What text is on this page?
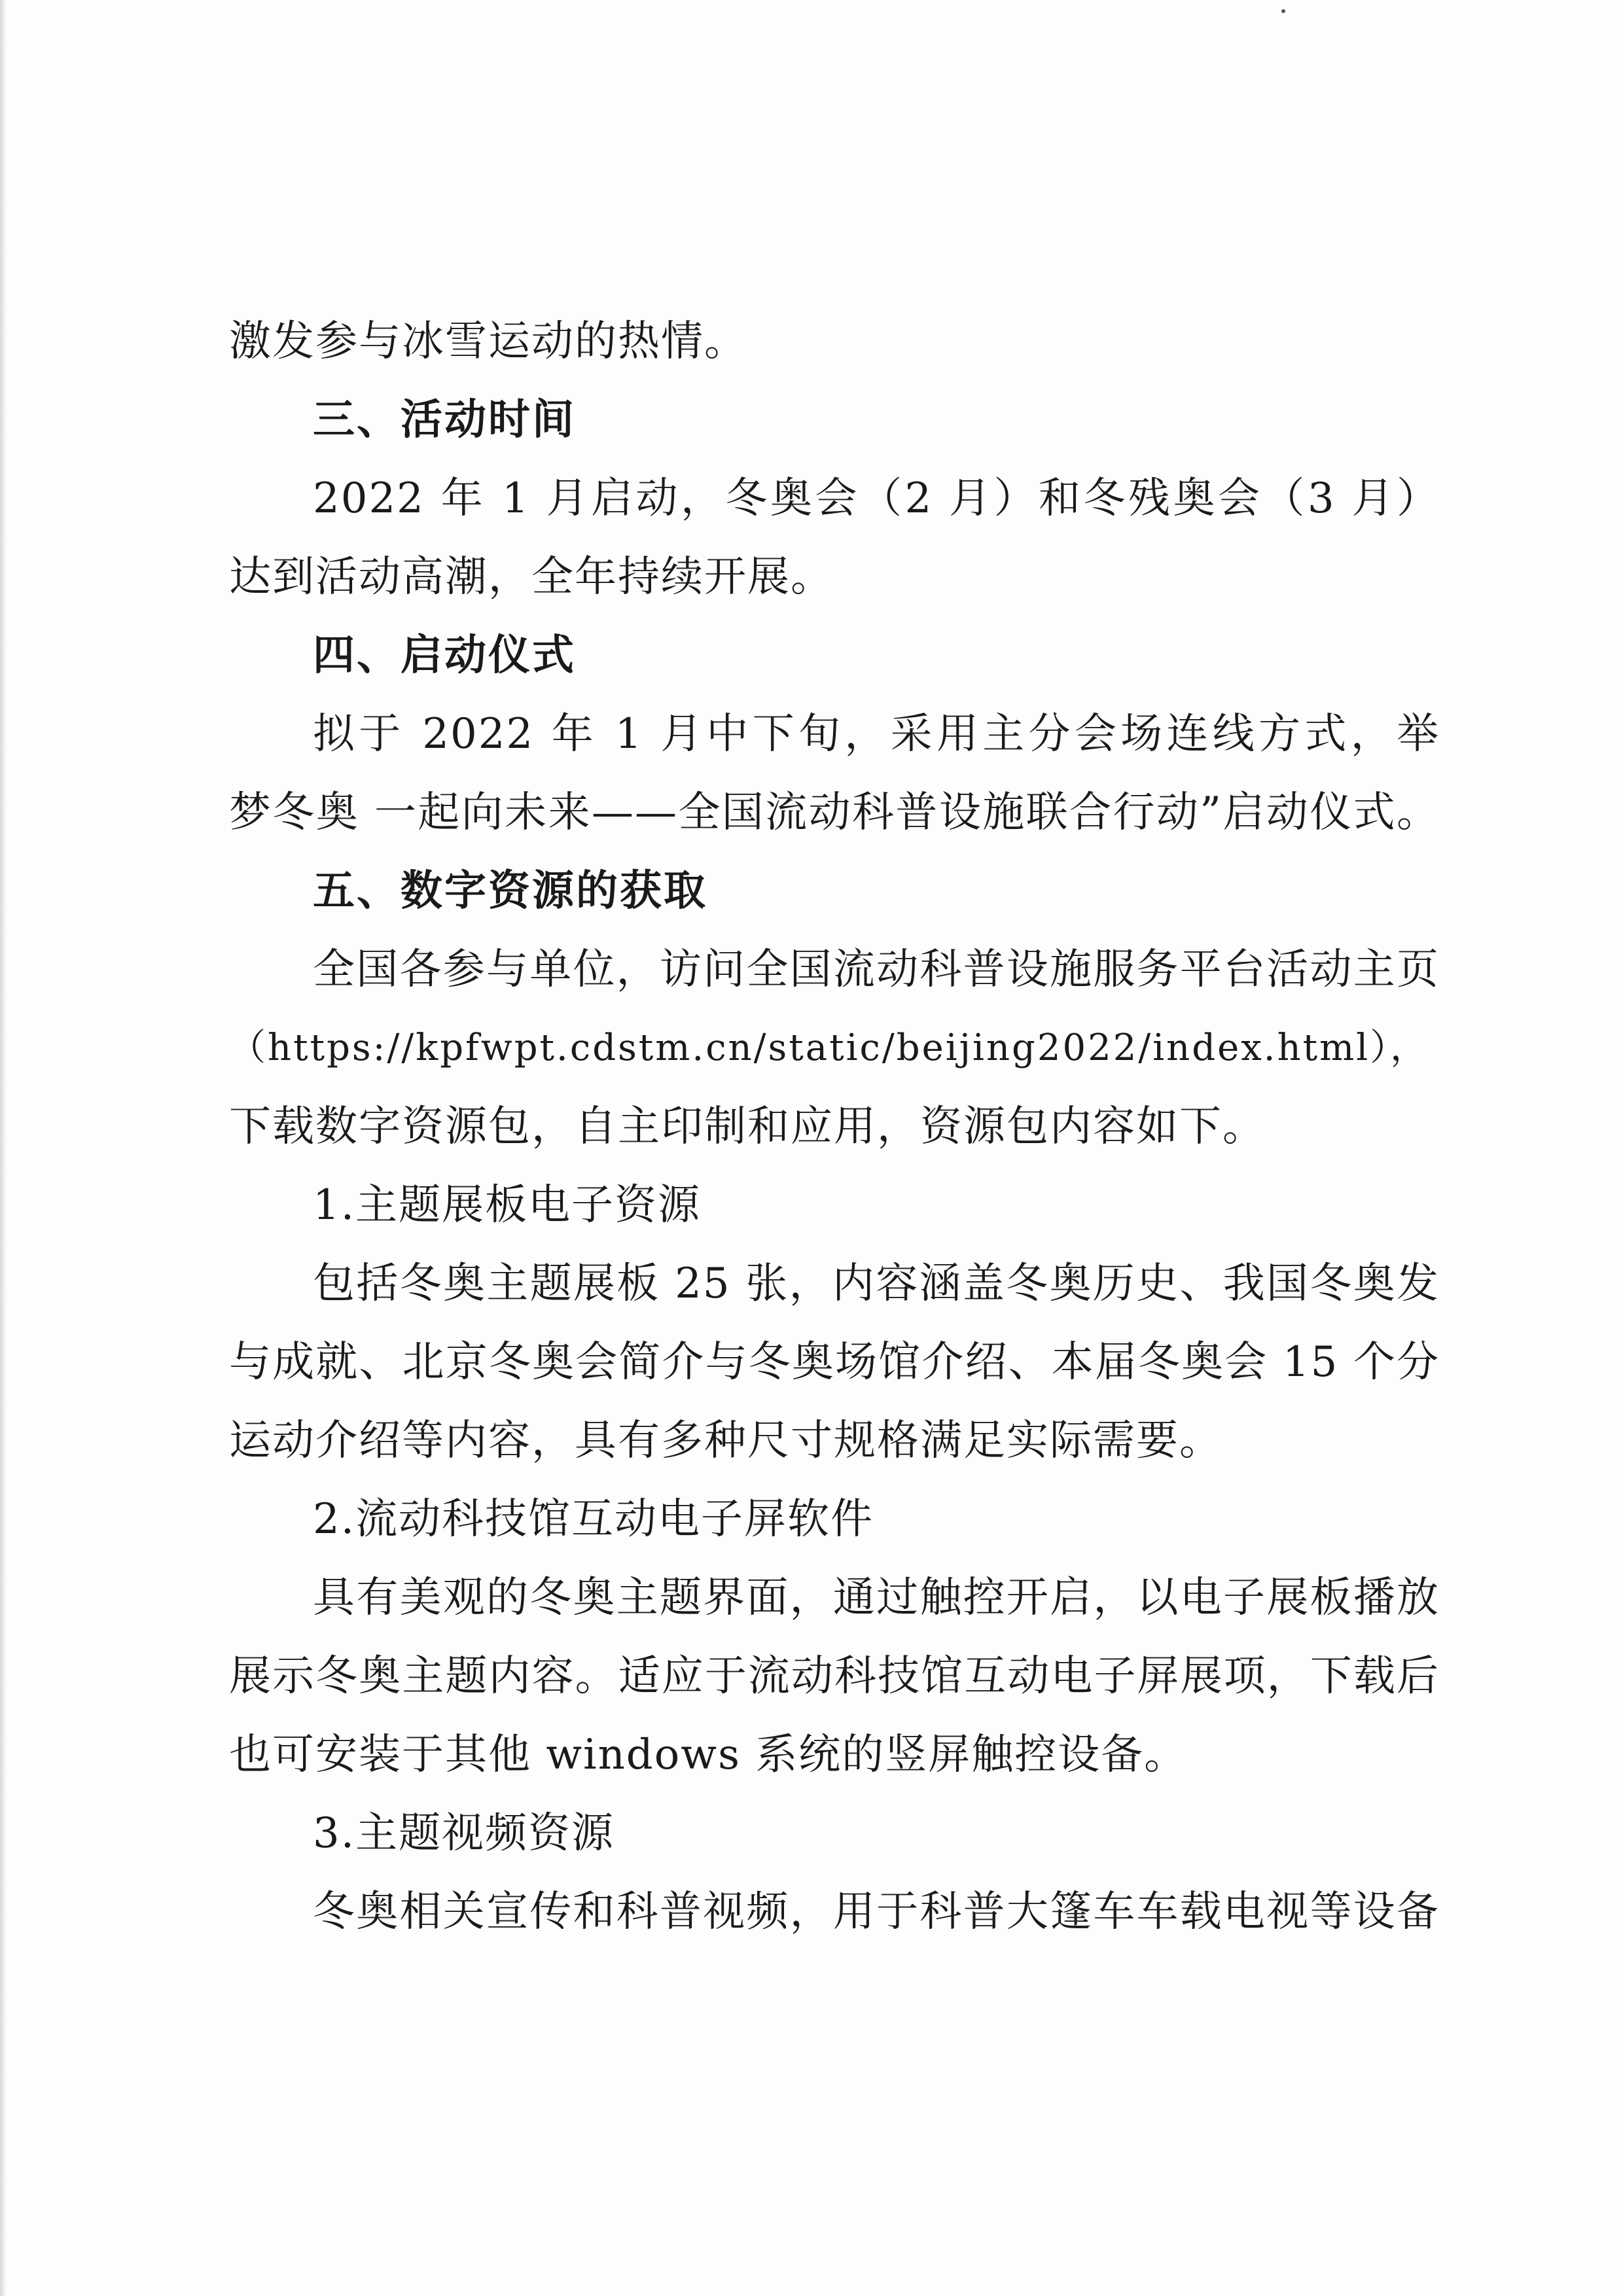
激发参与冰雪运动的热情。
三、活动时间
2022 年 1 月启动，冬奥会（2 月）和冬残奥会（3 月）
达到活动高潮，全年持续开展。
四、启动仪式
拟于 2022 年 1 月中下旬，采用主分会场连线方式，举
梦冬奥 一起向未来——全国流动科普设施联合行动”启动仪式。
五、数字资源的获取
全国各参与单位，访问全国流动科普设施服务平台活动主页
（https://kpfwpt.cdstm.cn/static/beijing2022/index.html），
下载数字资源包，自主印制和应用，资源包内容如下。
1.主题展板电子资源
包括冬奥主题展板 25 张，内容涵盖冬奥历史、我国冬奥发
与成就、北京冬奥会简介与冬奥场馆介绍、本届冬奥会 15 个分
运动介绍等内容，具有多种尺寸规格满足实际需要。
2.流动科技馆互动电子屏软件
具有美观的冬奥主题界面，通过触控开启，以电子展板播放
展示冬奥主题内容。适应于流动科技馆互动电子屏展项，下载后
也可安装于其他 windows 系统的竖屏触控设备。
3.主题视频资源
冬奥相关宣传和科普视频，用于科普大篷车车载电视等设备
